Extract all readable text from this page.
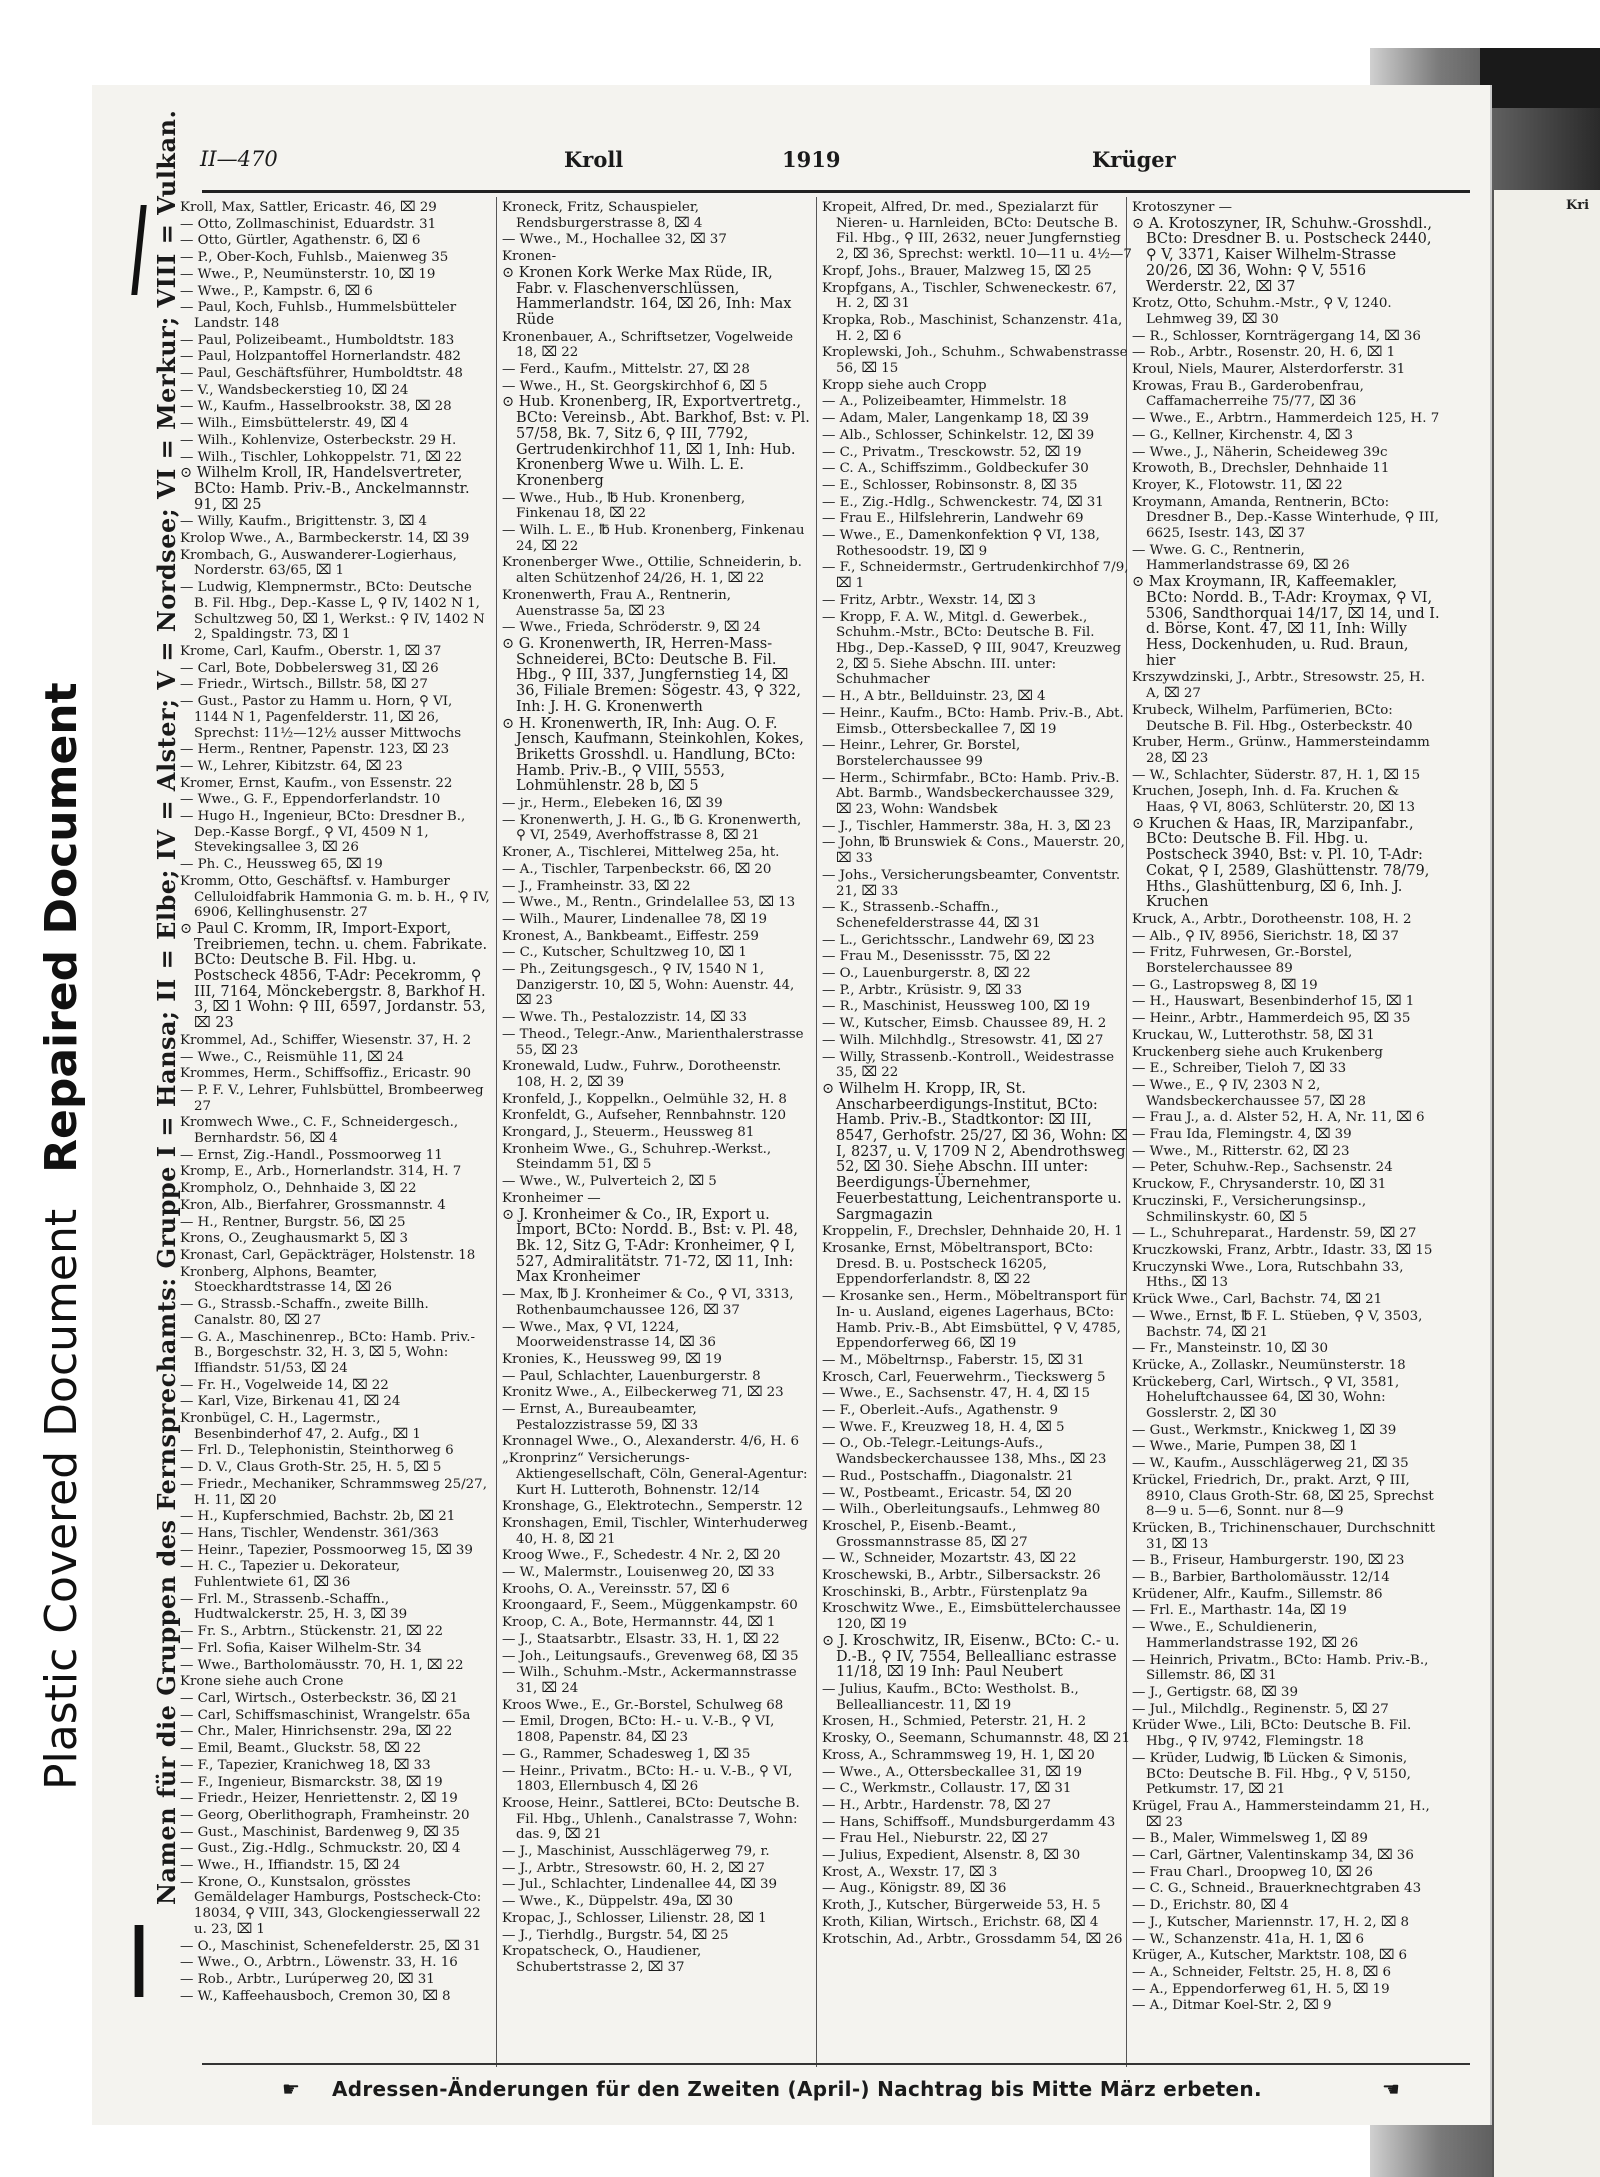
Plastic Covered Document Repaired Document
Kri
II—470	Kroll	1919	Krüger
Namen für die Gruppen des Fernsprechamts: Gruppe I = Hansa; II = Elbe; IV = Alster; V = Nordsee; VI = Merkur; VIII = Vulkan. Kroll, Max, Sattler, Ericastr. 46, ⌧ 29
— Otto, Zollmaschinist, Eduardstr. 31
— Otto, Gürtler, Agathenstr. 6, ⌧ 6
— P., Ober-Koch, Fuhlsb., Maienweg 35
— Wwe., P., Neumünsterstr. 10, ⌧ 19
— Wwe., P., Kampstr. 6, ⌧ 6
— Paul, Koch, Fuhlsb., Hummelsbütteler Landstr. 148
— Paul, Polizeibeamt., Humboldtstr. 183
— Paul, Holzpantoffel Hornerlandstr. 482
— Paul, Geschäftsführer, Humboldtstr. 48
— V., Wandsbeckerstieg 10, ⌧ 24
— W., Kaufm., Hasselbrookstr. 38, ⌧ 28
— Wilh., Eimsbüttelerstr. 49, ⌧ 4
— Wilh., Kohlenvize, Osterbeckstr. 29 H.
— Wilh., Tischler, Lohkoppelstr. 71, ⌧ 22
⊙ Wilhelm Kroll, IR, Handelsvertreter, BCto: Hamb. Priv.-B., Anckelmannstr. 91, ⌧ 25
— Willy, Kaufm., Brigittenstr. 3, ⌧ 4
Krolop Wwe., A., Barmbeckerstr. 14, ⌧ 39
Krombach, G., Auswanderer-Logierhaus, Norderstr. 63/65, ⌧ 1
— Ludwig, Klempnermstr., BCto: Deutsche B. Fil. Hbg., Dep.-Kasse L, ⚲ IV, 1402 N 1, Schultzweg 50, ⌧ 1, Werkst.: ⚲ IV, 1402 N 2, Spaldingstr. 73, ⌧ 1
Krome, Carl, Kaufm., Oberstr. 1, ⌧ 37
— Carl, Bote, Dobbelersweg 31, ⌧ 26
— Friedr., Wirtsch., Billstr. 58, ⌧ 27
— Gust., Pastor zu Hamm u. Horn, ⚲ VI, 1144 N 1, Pagenfelderstr. 11, ⌧ 26, Sprechst: 11½—12½ ausser Mittwochs
— Herm., Rentner, Papenstr. 123, ⌧ 23
— W., Lehrer, Kibitzstr. 64, ⌧ 23
Kromer, Ernst, Kaufm., von Essenstr. 22
— Wwe., G. F., Eppendorferlandstr. 10
— Hugo H., Ingenieur, BCto: Dresdner B., Dep.-Kasse Borgf., ⚲ VI, 4509 N 1, Stevekingsallee 3, ⌧ 26
— Ph. C., Heussweg 65, ⌧ 19
Kromm, Otto, Geschäftsf. v. Hamburger Celluloidfabrik Hammonia G. m. b. H., ⚲ IV, 6906, Kellinghusenstr. 27
⊙ Paul C. Kromm, IR, Import-Export, Treibriemen, techn. u. chem. Fabrikate. BCto: Deutsche B. Fil. Hbg. u. Postscheck 4856, T-Adr: Pecekromm, ⚲ III, 7164, Mönckebergstr. 8, Barkhof H. 3, ⌧ 1 Wohn: ⚲ III, 6597, Jordanstr. 53, ⌧ 23
Krommel, Ad., Schiffer, Wiesenstr. 37, H. 2
— Wwe., C., Reismühle 11, ⌧ 24
Krommes, Herm., Schiffsoffiz., Ericastr. 90
— P. F. V., Lehrer, Fuhlsbüttel, Brombeerweg 27
Kromwech Wwe., C. F., Schneidergesch., Bernhardstr. 56, ⌧ 4
— Ernst, Zig.-Handl., Possmoorweg 11
Kromp, E., Arb., Hornerlandstr. 314, H. 7
Krompholz, O., Dehnhaide 3, ⌧ 22
Kron, Alb., Bierfahrer, Grossmannstr. 4
— H., Rentner, Burgstr. 56, ⌧ 25
Krons, O., Zeughausmarkt 5, ⌧ 3
Kronast, Carl, Gepäckträger, Holstenstr. 18
Kronberg, Alphons, Beamter, Stoeckhardtstrasse 14, ⌧ 26
— G., Strassb.-Schaffn., zweite Billh. Canalstr. 80, ⌧ 27
— G. A., Maschinenrep., BCto: Hamb. Priv.-B., Borgeschstr. 32, H. 3, ⌧ 5, Wohn: Iffiandstr. 51/53, ⌧ 24
— Fr. H., Vogelweide 14, ⌧ 22
— Karl, Vize, Birkenau 41, ⌧ 24
Kronbügel, C. H., Lagermstr., Besenbinderhof 47, 2. Aufg., ⌧ 1
— Frl. D., Telephonistin, Steinthorweg 6
— D. V., Claus Groth-Str. 25, H. 5, ⌧ 5
— Friedr., Mechaniker, Schrammsweg 25/27, H. 11, ⌧ 20
— H., Kupferschmied, Bachstr. 2b, ⌧ 21
— Hans, Tischler, Wendenstr. 361/363
— Heinr., Tapezier, Possmoorweg 15, ⌧ 39
— H. C., Tapezier u. Dekorateur, Fuhlentwiete 61, ⌧ 36
— Frl. M., Strassenb.-Schaffn., Hudtwalckerstr. 25, H. 3, ⌧ 39
— Fr. S., Arbtrn., Stückenstr. 21, ⌧ 22
— Frl. Sofia, Kaiser Wilhelm-Str. 34
— Wwe., Bartholomäusstr. 70, H. 1, ⌧ 22
Krone siehe auch Crone
— Carl, Wirtsch., Osterbeckstr. 36, ⌧ 21
— Carl, Schiffsmaschinist, Wrangelstr. 65a
— Chr., Maler, Hinrichsenstr. 29a, ⌧ 22
— Emil, Beamt., Gluckstr. 58, ⌧ 22
— F., Tapezier, Kranichweg 18, ⌧ 33
— F., Ingenieur, Bismarckstr. 38, ⌧ 19
— Friedr., Heizer, Henriettenstr. 2, ⌧ 19
— Georg, Oberlithograph, Framheinstr. 20
— Gust., Maschinist, Bardenweg 9, ⌧ 35
— Gust., Zig.-Hdlg., Schmuckstr. 20, ⌧ 4
— Wwe., H., Iffiandstr. 15, ⌧ 24
— Krone, O., Kunstsalon, grösstes Gemäldelager Hamburgs, Postscheck-Cto: 18034, ⚲ VIII, 343, Glockengiesserwall 22 u. 23, ⌧ 1
— O., Maschinist, Schenefelderstr. 25, ⌧ 31
— Wwe., O., Arbtrn., Löwenstr. 33, H. 16
— Rob., Arbtr., Lurúperweg 20, ⌧ 31
— W., Kaffeehausboch, Cremon 30, ⌧ 8
Kroneck, Fritz, Schauspieler, Rendsburgerstrasse 8, ⌧ 4
— Wwe., M., Hochallee 32, ⌧ 37
Kronen-
⊙ Kronen Kork Werke Max Rüde, IR, Fabr. v. Flaschenverschlüssen, Hammerlandstr. 164, ⌧ 26, Inh: Max Rüde
Kronenbauer, A., Schriftsetzer, Vogelweide 18, ⌧ 22
— Ferd., Kaufm., Mittelstr. 27, ⌧ 28
— Wwe., H., St. Georgskirchhof 6, ⌧ 5
⊙ Hub. Kronenberg, IR, Exportvertretg., BCto: Vereinsb., Abt. Barkhof, Bst: v. Pl. 57/58, Bk. 7, Sitz 6, ⚲ III, 7792, Gertrudenkirchhof 11, ⌧ 1, Inh: Hub. Kronenberg Wwe u. Wilh. L. E. Kronenberg
— Wwe., Hub., ℔ Hub. Kronenberg, Finkenau 18, ⌧ 22
— Wilh. L. E., ℔ Hub. Kronenberg, Finkenau 24, ⌧ 22
Kronenberger Wwe., Ottilie, Schneiderin, b. alten Schützenhof 24/26, H. 1, ⌧ 22
Kronenwerth, Frau A., Rentnerin, Auenstrasse 5a, ⌧ 23
— Wwe., Frieda, Schröderstr. 9, ⌧ 24
⊙ G. Kronenwerth, IR, Herren-Mass-Schneiderei, BCto: Deutsche B. Fil. Hbg., ⚲ III, 337, Jungfernstieg 14, ⌧ 36, Filiale Bremen: Sögestr. 43, ⚲ 322, Inh: J. H. G. Kronenwerth
⊙ H. Kronenwerth, IR, Inh: Aug. O. F. Jensch, Kaufmann, Steinkohlen, Kokes, Briketts Grosshdl. u. Handlung, BCto: Hamb. Priv.-B., ⚲ VIII, 5553, Lohmühlenstr. 28 b, ⌧ 5
— jr., Herm., Elebeken 16, ⌧ 39
— Kronenwerth, J. H. G., ℔ G. Kronenwerth, ⚲ VI, 2549, Averhoffstrasse 8, ⌧ 21
Kroner, A., Tischlerei, Mittelweg 25a, ht.
— A., Tischler, Tarpenbeckstr. 66, ⌧ 20
— J., Framheinstr. 33, ⌧ 22
— Wwe., M., Rentn., Grindelallee 53, ⌧ 13
— Wilh., Maurer, Lindenallee 78, ⌧ 19
Kronest, A., Bankbeamt., Eiffestr. 259
— C., Kutscher, Schultzweg 10, ⌧ 1
— Ph., Zeitungsgesch., ⚲ IV, 1540 N 1, Danzigerstr. 10, ⌧ 5, Wohn: Auenstr. 44, ⌧ 23
— Wwe. Th., Pestalozzistr. 14, ⌧ 33
— Theod., Telegr.-Anw., Marienthalerstrasse 55, ⌧ 23
Kronewald, Ludw., Fuhrw., Dorotheenstr. 108, H. 2, ⌧ 39
Kronfeld, J., Koppelkn., Oelmühle 32, H. 8
Kronfeldt, G., Aufseher, Rennbahnstr. 120
Krongard, J., Steuerm., Heussweg 81
Kronheim Wwe., G., Schuhrep.-Werkst., Steindamm 51, ⌧ 5
— Wwe., W., Pulverteich 2, ⌧ 5
Kronheimer —
⊙ J. Kronheimer & Co., IR, Export u. Import, BCto: Nordd. B., Bst: v. Pl. 48, Bk. 12, Sitz G, T-Adr: Kronheimer, ⚲ I, 527, Admiralitätstr. 71-72, ⌧ 11, Inh: Max Kronheimer
— Max, ℔ J. Kronheimer & Co., ⚲ VI, 3313, Rothenbaumchaussee 126, ⌧ 37
— Wwe., Max, ⚲ VI, 1224, Moorweidenstrasse 14, ⌧ 36
Kronies, K., Heussweg 99, ⌧ 19
— Paul, Schlachter, Lauenburgerstr. 8
Kronitz Wwe., A., Eilbeckerweg 71, ⌧ 23
— Ernst, A., Bureaubeamter, Pestalozzistrasse 59, ⌧ 33
Kronnagel Wwe., O., Alexanderstr. 4/6, H. 6
„Kronprinz“ Versicherungs-Aktiengesellschaft, Cöln, General-Agentur: Kurt H. Lutteroth, Bohnenstr. 12/14
Kronshage, G., Elektrotechn., Semperstr. 12
Kronshagen, Emil, Tischler, Winterhuderweg 40, H. 8, ⌧ 21
Kroog Wwe., F., Schedestr. 4 Nr. 2, ⌧ 20
— W., Malermstr., Louisenweg 20, ⌧ 33
Kroohs, O. A., Vereinsstr. 57, ⌧ 6
Kroongaard, F., Seem., Müggenkampstr. 60
Kroop, C. A., Bote, Hermannstr. 44, ⌧ 1
— J., Staatsarbtr., Elsastr. 33, H. 1, ⌧ 22
— Joh., Leitungsaufs., Grevenweg 68, ⌧ 35
— Wilh., Schuhm.-Mstr., Ackermannstrasse 31, ⌧ 24
Kroos Wwe., E., Gr.-Borstel, Schulweg 68
— Emil, Drogen, BCto: H.- u. V.-B., ⚲ VI, 1808, Papenstr. 84, ⌧ 23
— G., Rammer, Schadesweg 1, ⌧ 35
— Heinr., Privatm., BCto: H.- u. V.-B., ⚲ VI, 1803, Ellernbusch 4, ⌧ 26
Kroose, Heinr., Sattlerei, BCto: Deutsche B. Fil. Hbg., Uhlenh., Canalstrasse 7, Wohn: das. 9, ⌧ 21
— J., Maschinist, Ausschlägerweg 79, r.
— J., Arbtr., Stresowstr. 60, H. 2, ⌧ 27
— Jul., Schlachter, Lindenallee 44, ⌧ 39
— Wwe., K., Düppelstr. 49a, ⌧ 30
Kropac, J., Schlosser, Lilienstr. 28, ⌧ 1
— J., Tierhdlg., Burgstr. 54, ⌧ 25
Kropatscheck, O., Haudiener, Schubertstrasse 2, ⌧ 37
Kropeit, Alfred, Dr. med., Spezialarzt für Nieren- u. Harnleiden, BCto: Deutsche B. Fil. Hbg., ⚲ III, 2632, neuer Jungfernstieg 2, ⌧ 36, Sprechst: werktl. 10—11 u. 4½—7
Kropf, Johs., Brauer, Malzweg 15, ⌧ 25
Kropfgans, A., Tischler, Schweneckestr. 67, H. 2, ⌧ 31
Kropka, Rob., Maschinist, Schanzenstr. 41a, H. 2, ⌧ 6
Kroplewski, Joh., Schuhm., Schwabenstrasse 56, ⌧ 15
Kropp siehe auch Cropp
— A., Polizeibeamter, Himmelstr. 18
— Adam, Maler, Langenkamp 18, ⌧ 39
— Alb., Schlosser, Schinkelstr. 12, ⌧ 39
— C., Privatm., Tresckowstr. 52, ⌧ 19
— C. A., Schiffszimm., Goldbeckufer 30
— E., Schlosser, Robinsonstr. 8, ⌧ 35
— E., Zig.-Hdlg., Schwenckestr. 74, ⌧ 31
— Frau E., Hilfslehrerin, Landwehr 69
— Wwe., E., Damenkonfektion ⚲ VI, 138, Rothesoodstr. 19, ⌧ 9
— F., Schneidermstr., Gertrudenkirchhof 7/9, ⌧ 1
— Fritz, Arbtr., Wexstr. 14, ⌧ 3
— Kropp, F. A. W., Mitgl. d. Gewerbek., Schuhm.-Mstr., BCto: Deutsche B. Fil. Hbg., Dep.-KasseD, ⚲ III, 9047, Kreuzweg 2, ⌧ 5. Siehe Abschn. III. unter: Schuhmacher
— H., A btr., Bellduinstr. 23, ⌧ 4
— Heinr., Kaufm., BCto: Hamb. Priv.-B., Abt. Eimsb., Ottersbeckallee 7, ⌧ 19
— Heinr., Lehrer, Gr. Borstel, Borstelerchaussee 99
— Herm., Schirmfabr., BCto: Hamb. Priv.-B. Abt. Barmb., Wandsbeckerchaussee 329, ⌧ 23, Wohn: Wandsbek
— J., Tischler, Hammerstr. 38a, H. 3, ⌧ 23
— John, ℔ Brunswiek & Cons., Mauerstr. 20, ⌧ 33
— Johs., Versicherungsbeamter, Conventstr. 21, ⌧ 33
— K., Strassenb.-Schaffn., Schenefelderstrasse 44, ⌧ 31
— L., Gerichtsschr., Landwehr 69, ⌧ 23
— Frau M., Desenissstr. 75, ⌧ 22
— O., Lauenburgerstr. 8, ⌧ 22
— P., Arbtr., Krüsistr. 9, ⌧ 33
— R., Maschinist, Heussweg 100, ⌧ 19
— W., Kutscher, Eimsb. Chaussee 89, H. 2
— Wilh. Milchhdlg., Stresowstr. 41, ⌧ 27
— Willy, Strassenb.-Kontroll., Weidestrasse 35, ⌧ 22
⊙ Wilhelm H. Kropp, IR, St. Anscharbeerdigungs-Institut, BCto: Hamb. Priv.-B., Stadtkontor: ⌧ III, 8547, Gerhofstr. 25/27, ⌧ 36, Wohn: ⌧ I, 8237, u. V, 1709 N 2, Abendrothsweg 52, ⌧ 30. Siehe Abschn. III unter: Beerdigungs-Übernehmer, Feuerbestattung, Leichentransporte u. Sargmagazin
Kroppelin, F., Drechsler, Dehnhaide 20, H. 1
Krosanke, Ernst, Möbeltransport, BCto: Dresd. B. u. Postscheck 16205, Eppendorferlandstr. 8, ⌧ 22
— Krosanke sen., Herm., Möbeltransport für In- u. Ausland, eigenes Lagerhaus, BCto: Hamb. Priv.-B., Abt Eimsbüttel, ⚲ V, 4785, Eppendorferweg 66, ⌧ 19
— M., Möbeltrnsp., Faberstr. 15, ⌧ 31
Krosch, Carl, Feuerwehrm., Tieckswerg 5
— Wwe., E., Sachsenstr. 47, H. 4, ⌧ 15
— F., Oberleit.-Aufs., Agathenstr. 9
— Wwe. F., Kreuzweg 18, H. 4, ⌧ 5
— O., Ob.-Telegr.-Leitungs-Aufs., Wandsbeckerchaussee 138, Mhs., ⌧ 23
— Rud., Postschaffn., Diagonalstr. 21
— W., Postbeamt., Ericastr. 54, ⌧ 20
— Wilh., Oberleitungsaufs., Lehmweg 80
Kroschel, P., Eisenb.-Beamt., Grossmannstrasse 85, ⌧ 27
— W., Schneider, Mozartstr. 43, ⌧ 22
Kroschewski, B., Arbtr., Silbersackstr. 26
Kroschinski, B., Arbtr., Fürstenplatz 9a
Kroschwitz Wwe., E., Eimsbüttelerchaussee 120, ⌧ 19
⊙ J. Kroschwitz, IR, Eisenw., BCto: C.- u. D.-B., ⚲ IV, 7554, Belleallianc estrasse 11/18, ⌧ 19 Inh: Paul Neubert
— Julius, Kaufm., BCto: Westholst. B., Bellealliancestr. 11, ⌧ 19
Krosen, H., Schmied, Peterstr. 21, H. 2
Krosky, O., Seemann, Schumannstr. 48, ⌧ 21
Kross, A., Schrammsweg 19, H. 1, ⌧ 20
— Wwe., A., Ottersbeckallee 31, ⌧ 19
— C., Werkmstr., Collaustr. 17, ⌧ 31
— H., Arbtr., Hardenstr. 78, ⌧ 27
— Hans, Schiffsoff., Mundsburgerdamm 43
— Frau Hel., Nieburstr. 22, ⌧ 27
— Julius, Expedient, Alsenstr. 8, ⌧ 30
Krost, A., Wexstr. 17, ⌧ 3
— Aug., Königstr. 89, ⌧ 36
Kroth, J., Kutscher, Bürgerweide 53, H. 5
Kroth, Kilian, Wirtsch., Erichstr. 68, ⌧ 4
Krotschin, Ad., Arbtr., Grossdamm 54, ⌧ 26
Krotoszyner —
⊙ A. Krotoszyner, IR, Schuhw.-Grosshdl., BCto: Dresdner B. u. Postscheck 2440, ⚲ V, 3371, Kaiser Wilhelm-Strasse 20/26, ⌧ 36, Wohn: ⚲ V, 5516 Werderstr. 22, ⌧ 37
Krotz, Otto, Schuhm.-Mstr., ⚲ V, 1240. Lehmweg 39, ⌧ 30
— R., Schlosser, Kornträgergang 14, ⌧ 36
— Rob., Arbtr., Rosenstr. 20, H. 6, ⌧ 1
Kroul, Niels, Maurer, Alsterdorferstr. 31
Krowas, Frau B., Garderobenfrau, Caffamacherreihe 75/77, ⌧ 36
— Wwe., E., Arbtrn., Hammerdeich 125, H. 7
— G., Kellner, Kirchenstr. 4, ⌧ 3
— Wwe., J., Näherin, Scheideweg 39c
Krowoth, B., Drechsler, Dehnhaide 11
Kroyer, K., Flotowstr. 11, ⌧ 22
Kroymann, Amanda, Rentnerin, BCto: Dresdner B., Dep.-Kasse Winterhude, ⚲ III, 6625, Isestr. 143, ⌧ 37
— Wwe. G. C., Rentnerin, Hammerlandstrasse 69, ⌧ 26
⊙ Max Kroymann, IR, Kaffeemakler, BCto: Nordd. B., T-Adr: Kroymax, ⚲ VI, 5306, Sandthorquai 14/17, ⌧ 14, und I. d. Börse, Kont. 47, ⌧ 11, Inh: Willy Hess, Dockenhuden, u. Rud. Braun, hier
Krszywdzinski, J., Arbtr., Stresowstr. 25, H. A, ⌧ 27
Krubeck, Wilhelm, Parfümerien, BCto: Deutsche B. Fil. Hbg., Osterbeckstr. 40
Kruber, Herm., Grünw., Hammersteindamm 28, ⌧ 23
— W., Schlachter, Süderstr. 87, H. 1, ⌧ 15
Kruchen, Joseph, Inh. d. Fa. Kruchen & Haas, ⚲ VI, 8063, Schlüterstr. 20, ⌧ 13
⊙ Kruchen & Haas, IR, Marzipanfabr., BCto: Deutsche B. Fil. Hbg. u. Postscheck 3940, Bst: v. Pl. 10, T-Adr: Cokat, ⚲ I, 2589, Glashüttenstr. 78/79, Hths., Glashüttenburg, ⌧ 6, Inh. J. Kruchen
Kruck, A., Arbtr., Dorotheenstr. 108, H. 2
— Alb., ⚲ IV, 8956, Sierichstr. 18, ⌧ 37
— Fritz, Fuhrwesen, Gr.-Borstel, Borstelerchaussee 89
— G., Lastropsweg 8, ⌧ 19
— H., Hauswart, Besenbinderhof 15, ⌧ 1
— Heinr., Arbtr., Hammerdeich 95, ⌧ 35
Kruckau, W., Lutterothstr. 58, ⌧ 31
Kruckenberg siehe auch Krukenberg
— E., Schreiber, Tieloh 7, ⌧ 33
— Wwe., E., ⚲ IV, 2303 N 2, Wandsbeckerchaussee 57, ⌧ 28
— Frau J., a. d. Alster 52, H. A, Nr. 11, ⌧ 6
— Frau Ida, Flemingstr. 4, ⌧ 39
— Wwe., M., Ritterstr. 62, ⌧ 23
— Peter, Schuhw.-Rep., Sachsenstr. 24
Kruckow, F., Chrysanderstr. 10, ⌧ 31
Kruczinski, F., Versicherungsinsp., Schmilinskystr. 60, ⌧ 5
— L., Schuhreparat., Hardenstr. 59, ⌧ 27
Kruczkowski, Franz, Arbtr., Idastr. 33, ⌧ 15
Kruczynski Wwe., Lora, Rutschbahn 33, Hths., ⌧ 13
Krück Wwe., Carl, Bachstr. 74, ⌧ 21
— Wwe., Ernst, ℔ F. L. Stüeben, ⚲ V, 3503, Bachstr. 74, ⌧ 21
— Fr., Mansteinstr. 10, ⌧ 30
Krücke, A., Zollaskr., Neumünsterstr. 18
Krückeberg, Carl, Wirtsch., ⚲ VI, 3581, Hoheluftchaussee 64, ⌧ 30, Wohn: Gosslerstr. 2, ⌧ 30
— Gust., Werkmstr., Knickweg 1, ⌧ 39
— Wwe., Marie, Pumpen 38, ⌧ 1
— W., Kaufm., Ausschlägerweg 21, ⌧ 35
Krückel, Friedrich, Dr., prakt. Arzt, ⚲ III, 8910, Claus Groth-Str. 68, ⌧ 25, Sprechst 8—9 u. 5—6, Sonnt. nur 8—9
Krücken, B., Trichinenschauer, Durchschnitt 31, ⌧ 13
— B., Friseur, Hamburgerstr. 190, ⌧ 23
— B., Barbier, Bartholomäusstr. 12/14
Krüdener, Alfr., Kaufm., Sillemstr. 86
— Frl. E., Marthastr. 14a, ⌧ 19
— Wwe., E., Schuldienerin, Hammerlandstrasse 192, ⌧ 26
— Heinrich, Privatm., BCto: Hamb. Priv.-B., Sillemstr. 86, ⌧ 31
— J., Gertigstr. 68, ⌧ 39
— Jul., Milchdlg., Reginenstr. 5, ⌧ 27
Krüder Wwe., Lili, BCto: Deutsche B. Fil. Hbg., ⚲ IV, 9742, Flemingstr. 18
— Krüder, Ludwig, ℔ Lücken & Simonis, BCto: Deutsche B. Fil. Hbg., ⚲ V, 5150, Petkumstr. 17, ⌧ 21
Krügel, Frau A., Hammersteindamm 21, H., ⌧ 23
— B., Maler, Wimmelsweg 1, ⌧ 89
— Carl, Gärtner, Valentinskamp 34, ⌧ 36
— Frau Charl., Droopweg 10, ⌧ 26
— C. G., Schneid., Brauerknechtgraben 43
— D., Erichstr. 80, ⌧ 4
— J., Kutscher, Mariennstr. 17, H. 2, ⌧ 8
— W., Schanzenstr. 41a, H. 1, ⌧ 6
Krüger, A., Kutscher, Marktstr. 108, ⌧ 6
— A., Schneider, Feltstr. 25, H. 8, ⌧ 6
— A., Eppendorferweg 61, H. 5, ⌧ 19
— A., Ditmar Koel-Str. 2, ⌧ 9
☛ Adressen-Änderungen für den Zweiten (April-) Nachtrag bis Mitte März erbeten.	☚
